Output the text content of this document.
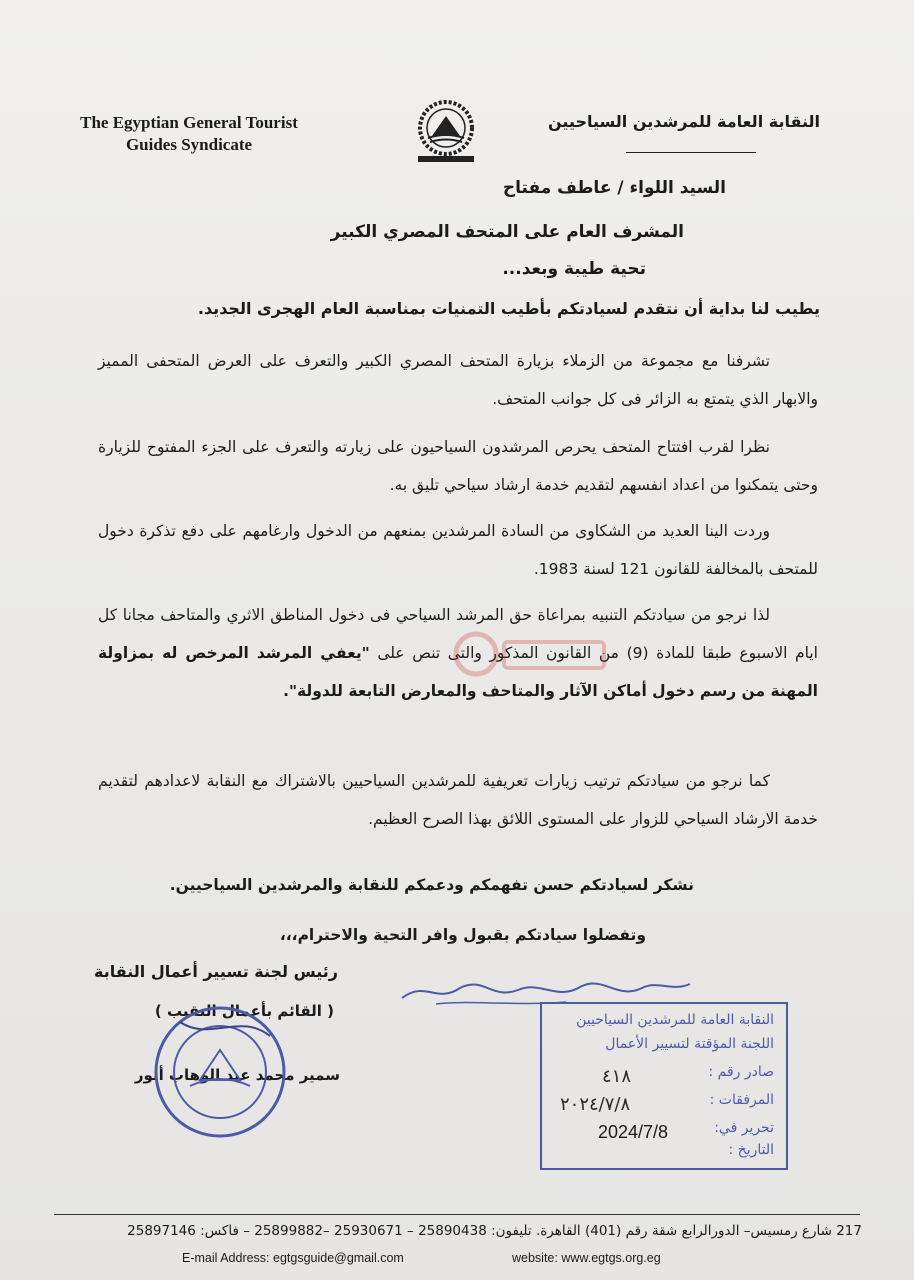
The Egyptian General Tourist
Guides Syndicate
النقابة العامة للمرشدين السياحيين
السيد اللواء / عاطف مفتاح
المشرف العام على المتحف المصري الكبير
تحية طيبة وبعد...
يطيب لنا بداية أن نتقدم لسيادتكم بأطيب التمنيات بمناسبة العام الهجرى الجديد.
تشرفنا مع مجموعة من الزملاء بزيارة المتحف المصري الكبير والتعرف على العرض المتحفى المميز والابهار الذي يتمتع به الزائر فى كل جوانب المتحف.
نظرا لقرب افتتاح المتحف يحرص المرشدون السياحيون على زيارته والتعرف على الجزء المفتوح للزيارة وحتى يتمكنوا من اعداد انفسهم لتقديم خدمة ارشاد سياحي تليق به.
وردت الينا العديد من الشكاوى من السادة المرشدين بمنعهم من الدخول وارغامهم على دفع تذكرة دخول للمتحف بالمخالفة للقانون 121 لسنة 1983.
لذا نرجو من سيادتكم التنبيه بمراعاة حق المرشد السياحي فى دخول المناطق الاثري والمتاحف مجانا كل ايام الاسبوع طبقا للمادة (9) من القانون المذكور والتى تنص على "يعفي المرشد المرخص له بمزاولة المهنة من رسم دخول أماكن الآثار والمتاحف والمعارض التابعة للدولة".
كما نرجو من سيادتكم ترتيب زيارات تعريفية للمرشدين السياحيين بالاشتراك مع النقابة لاعدادهم لتقديم خدمة الارشاد السياحي للزوار على المستوى اللائق بهذا الصرح العظيم.
نشكر لسيادتكم حسن تفهمكم ودعمكم للنقابة والمرشدين السياحيين.
وتفضلوا سيادتكم بقبول وافر التحية والاحترام،،،
رئيس لجنة تسيير أعمال النقابة
( القائم بأعمال النقيب )
سمير محمد عبد الوهاب أنور
النقابة العامة للمرشدين السياحيين
اللجنة المؤقتة لتسيير الأعمال
صادر رقم :
المرفقات :
تحرير في:
التاريخ :
٤١٨
٢٠٢٤/٧/٨
2024/7/8
217 شارع رمسيس– الدورالرابع شقة رقم (401) القاهرة. تليفون: 25890438 – 25930671 –25899882 – فاكس: 25897146
E-mail Address: egtgsguide@gmail.com	website: www.egtgs.org.eg
